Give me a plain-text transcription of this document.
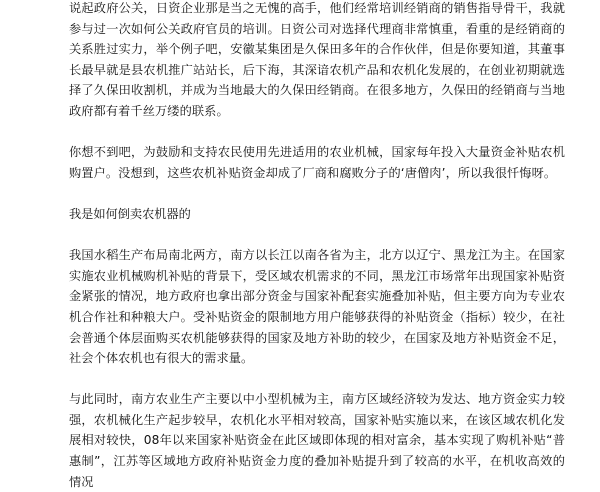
说起政府公关，日资企业那是当之无愧的高手，他们经常培训经销商的销售指导骨干，我就参与过一次如何公关政府官员的培训。日资公司对选择代理商非常慎重，看重的是经销商的关系胜过实力，举个例子吧，安徽某集团是久保田多年的合作伙伴，但是你要知道，其董事长最早就是县农机推广站站长，后下海，其深谙农机产品和农机化发展的，在创业初期就选择了久保田收割机，并成为当地最大的久保田经销商。在很多地方，久保田的经销商与当地政府都有着千丝万缕的联系。

你想不到吧，为鼓励和支持农民使用先进适用的农业机械，国家每年投入大量资金补贴农机购置户。没想到，这些农机补贴资金却成了厂商和腐败分子的‘唐僧肉’，所以我很忏悔呀。

我是如何倒卖农机器的

我国水稻生产布局南北两方，南方以长江以南各省为主，北方以辽宁、黑龙江为主。在国家实施农业机械购机补贴的背景下，受区域农机需求的不同，黑龙江市场常年出现国家补贴资金紧张的情况，地方政府也拿出部分资金与国家补配套实施叠加补贴，但主要方向为专业农机合作社和种粮大户。受补贴资金的限制地方用户能够获得的补贴资金（指标）较少，在社会普通个体层面购买农机能够获得的国家及地方补助的较少，在国家及地方补贴资金不足，社会个体农机也有很大的需求量。

与此同时，南方农业生产主要以中小型机械为主，南方区域经济较为发达、地方资金实力较强，农机械化生产起步较早，农机化水平相对较高，国家补贴实施以来，在该区域农机化发展相对较快，08年以来国家补贴资金在此区域即体现的相对富余，基本实现了购机补贴“普惠制”，江苏等区域地方政府补贴资金力度的叠加补贴提升到了较高的水平，在机收高效的情况
